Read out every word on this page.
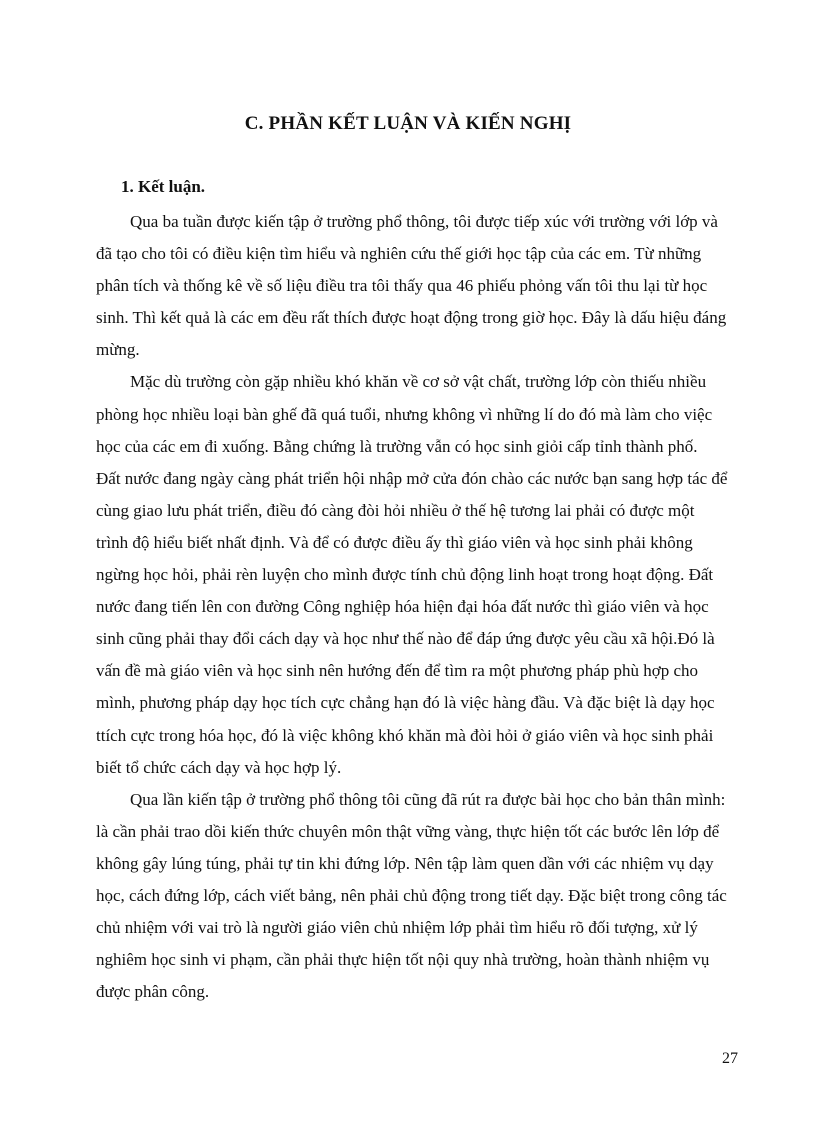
C. PHẦN KẾT LUẬN VÀ KIẾN NGHỊ
1. Kết luận.
Qua ba tuần được kiến tập ở trường phổ thông, tôi được tiếp xúc với trường với lớp và
đã tạo cho tôi có điều kiện tìm hiểu và nghiên cứu thế giới học tập của các em. Từ những
phân tích và thống kê về số liệu điều tra tôi thấy qua 46 phiếu phỏng vấn tôi thu lại từ học
sinh. Thì kết quả là các em đều rất thích được hoạt động trong giờ học. Đây là dấu hiệu đáng
mừng.
Mặc dù trường còn gặp nhiều khó khăn về cơ sở vật chất, trường lớp còn thiếu nhiều
phòng học nhiều loại bàn ghế đã quá tuổi, nhưng không vì những lí do đó mà làm cho việc
học của các em đi xuống. Bằng chứng là trường vẫn có học sinh giỏi cấp tỉnh thành phố.
Đất nước đang ngày càng phát triển hội nhập mở cửa đón chào các nước bạn sang hợp tác để
cùng giao lưu phát triển, điều đó càng đòi hỏi nhiều ở thế hệ tương lai phải có được một
trình độ hiểu biết nhất định. Và để có được điều ấy thì giáo viên và học sinh phải không
ngừng học hỏi, phải rèn luyện cho mình được tính chủ động linh hoạt trong hoạt động. Đất
nước đang tiến lên con đường Công nghiệp hóa hiện đại hóa đất nước thì giáo viên và học
sinh cũng phải thay đổi cách dạy và học như thế nào để đáp ứng được yêu cầu xã hội.Đó là
vấn đề mà giáo viên và học sinh nên hướng đến để tìm ra một phương pháp phù hợp cho
mình, phương pháp dạy học tích cực chẳng hạn đó là việc hàng đầu. Và đặc biệt là dạy học
ttích cực trong hóa học, đó là việc không khó khăn mà đòi hỏi ở giáo viên và học sinh phải
biết tổ chức cách dạy và học hợp lý.
Qua lần kiến tập ở trường phổ thông tôi cũng đã rút ra được bài học cho bản thân mình:
là cần phải trao dồi kiến thức chuyên môn thật vững vàng, thực hiện tốt các bước lên lớp để
không gây lúng túng, phải tự tin khi đứng lớp. Nên tập làm quen dần với các nhiệm vụ dạy
học, cách đứng lớp, cách viết bảng, nên phải chủ động trong tiết dạy. Đặc biệt trong công tác
chủ nhiệm với vai trò là người giáo viên chủ nhiệm lớp phải tìm hiểu rõ đối tượng, xử lý
nghiêm học sinh vi phạm, cần phải thực hiện tốt nội quy nhà trường, hoàn thành nhiệm vụ
được phân công.
27
